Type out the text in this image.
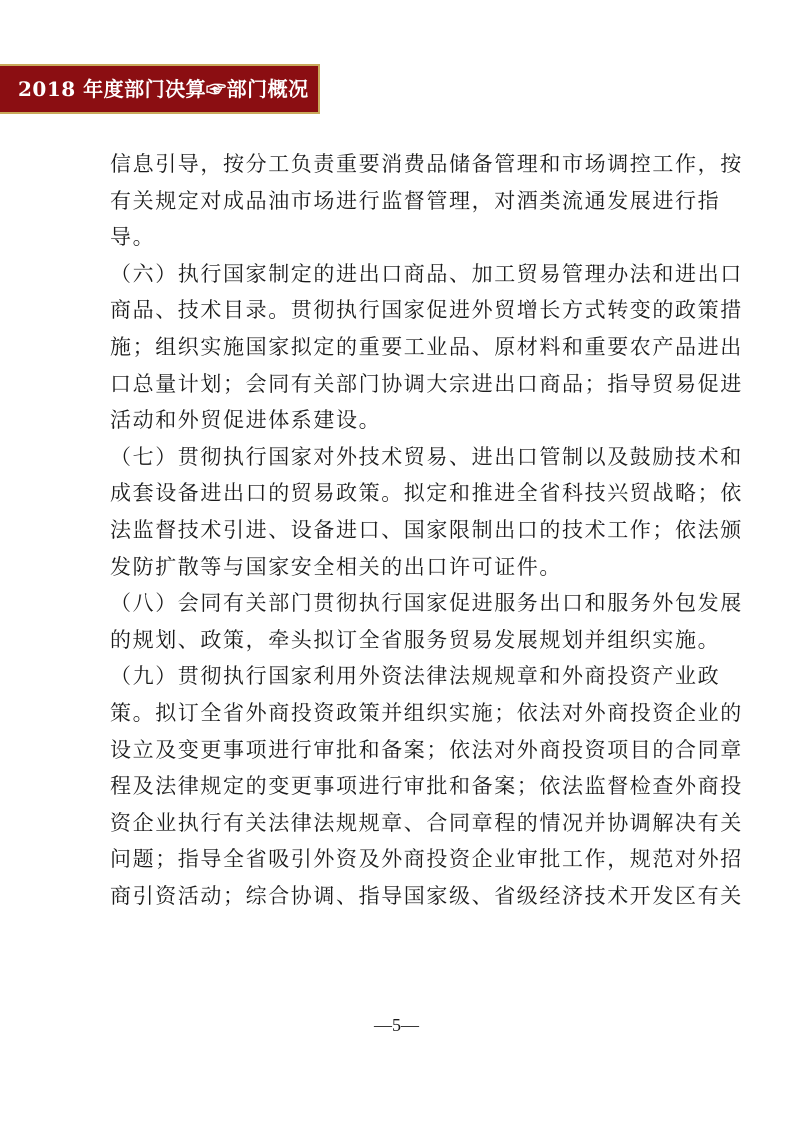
2018 年度部门决算☞部门概况
信息引导，按分工负责重要消费品储备管理和市场调控工作，按
有关规定对成品油市场进行监督管理，对酒类流通发展进行指
导。
（六）执行国家制定的进出口商品、加工贸易管理办法和进出口
商品、技术目录。贯彻执行国家促进外贸增长方式转变的政策措
施；组织实施国家拟定的重要工业品、原材料和重要农产品进出
口总量计划；会同有关部门协调大宗进出口商品；指导贸易促进
活动和外贸促进体系建设。
（七）贯彻执行国家对外技术贸易、进出口管制以及鼓励技术和
成套设备进出口的贸易政策。拟定和推进全省科技兴贸战略；依
法监督技术引进、设备进口、国家限制出口的技术工作；依法颁
发防扩散等与国家安全相关的出口许可证件。
（八）会同有关部门贯彻执行国家促进服务出口和服务外包发展
的规划、政策，牵头拟订全省服务贸易发展规划并组织实施。
（九）贯彻执行国家利用外资法律法规规章和外商投资产业政
策。拟订全省外商投资政策并组织实施；依法对外商投资企业的
设立及变更事项进行审批和备案；依法对外商投资项目的合同章
程及法律规定的变更事项进行审批和备案；依法监督检查外商投
资企业执行有关法律法规规章、合同章程的情况并协调解决有关
问题；指导全省吸引外资及外商投资企业审批工作，规范对外招
商引资活动；综合协调、指导国家级、省级经济技术开发区有关
—5—
